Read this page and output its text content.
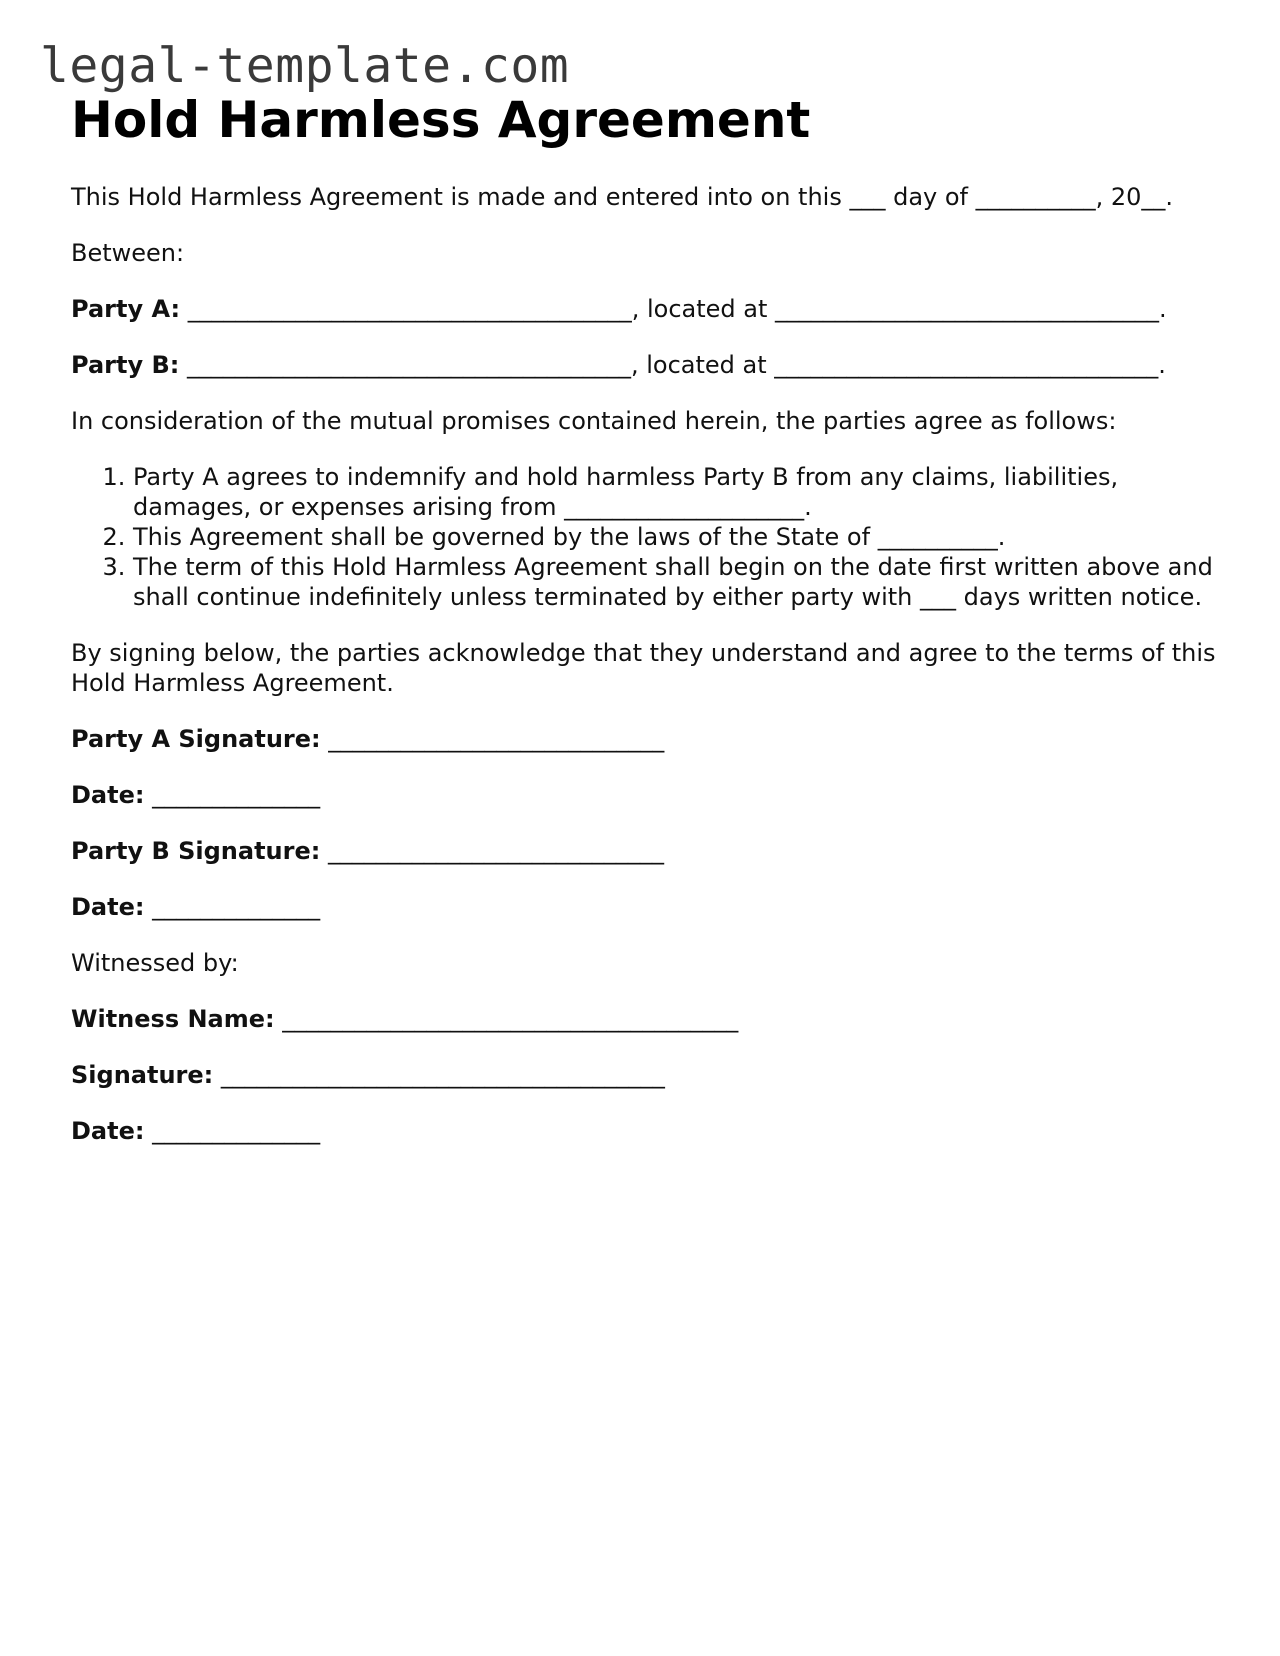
legal-template.com
Hold Harmless Agreement

This Hold Harmless Agreement is made and entered into on this ___ day of __________, 20__.

Between:

Party A: _____________________________________, located at ________________________________.

Party B: _____________________________________, located at ________________________________.

In consideration of the mutual promises contained herein, the parties agree as follows:

1. Party A agrees to indemnify and hold harmless Party B from any claims, liabilities, damages, or expenses arising from ____________________.
2. This Agreement shall be governed by the laws of the State of __________.
3. The term of this Hold Harmless Agreement shall begin on the date first written above and shall continue indefinitely unless terminated by either party with ___ days written notice.

By signing below, the parties acknowledge that they understand and agree to the terms of this Hold Harmless Agreement.

Party A Signature: ____________________________
Date: ______________
Party B Signature: ____________________________
Date: ______________

Witnessed by:

Witness Name: ______________________________________
Signature: _____________________________________
Date: ______________
